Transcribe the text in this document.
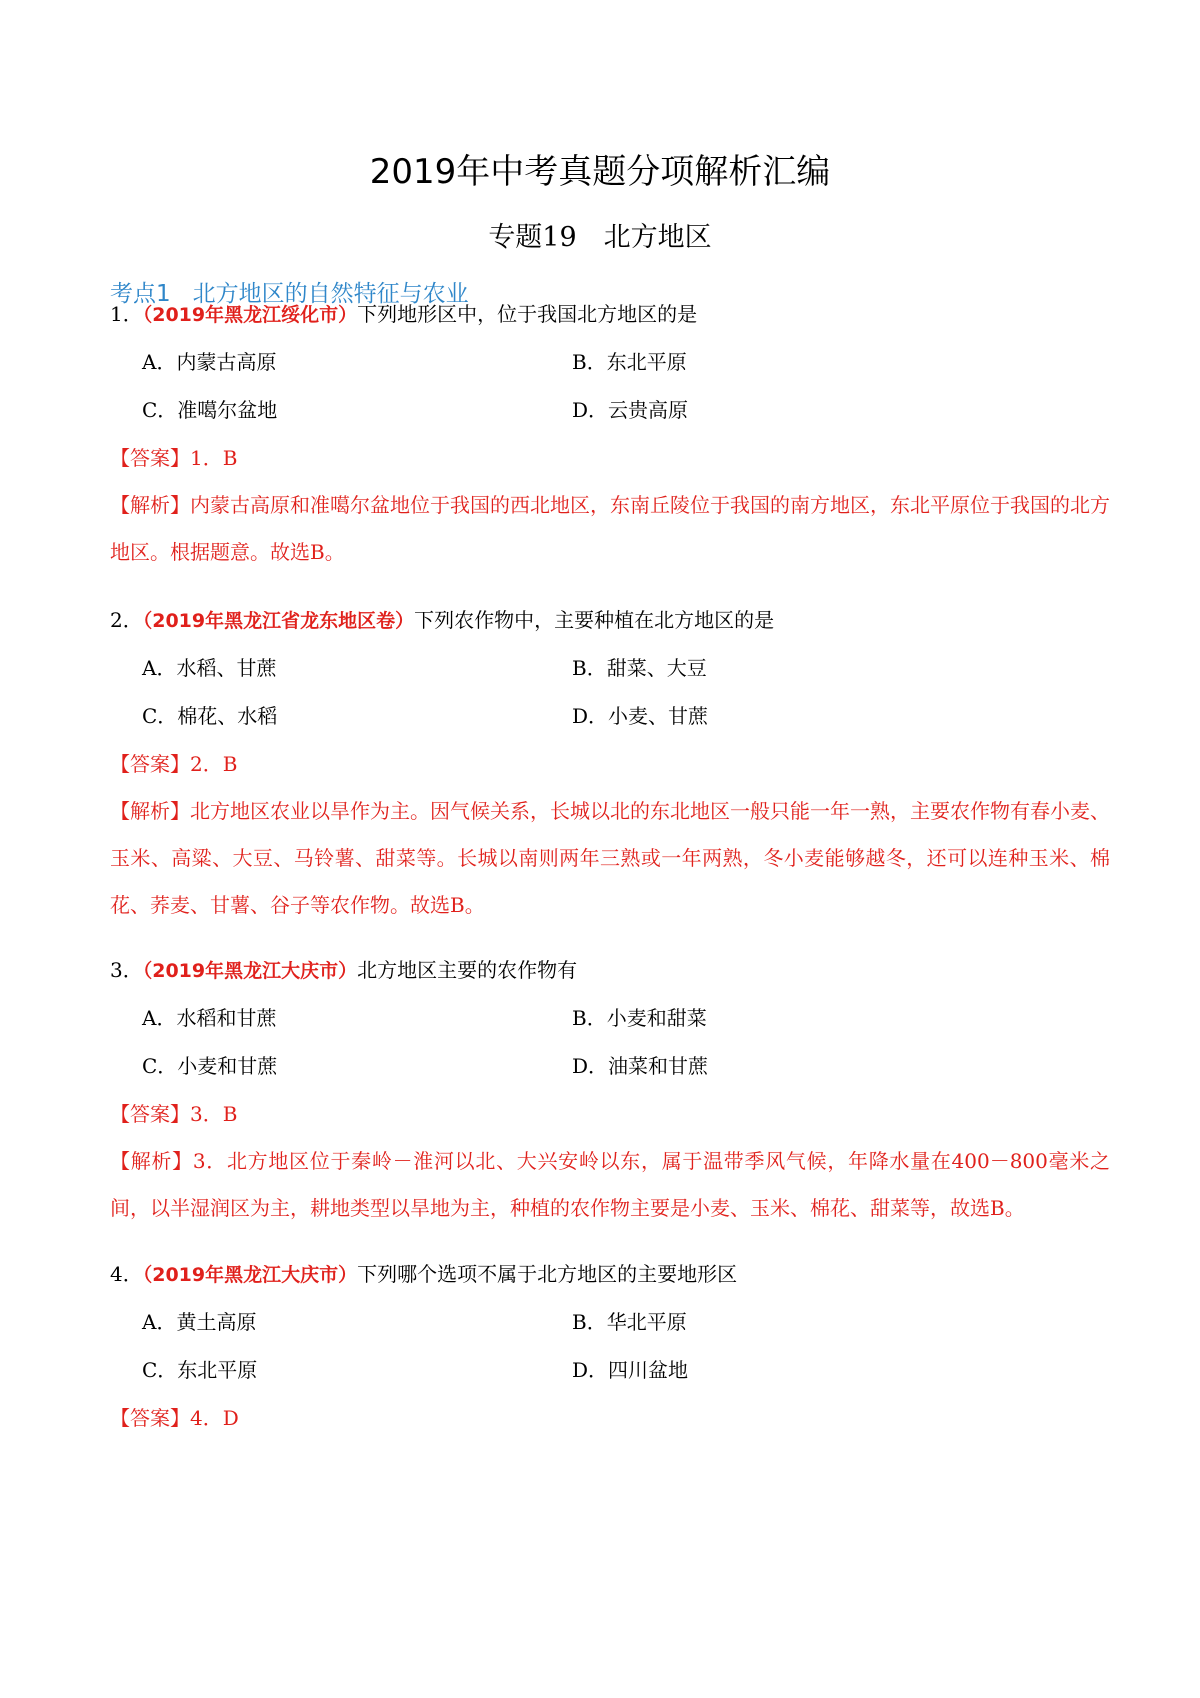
2019年中考真题分项解析汇编
专题19　北方地区
考点1 北方地区的自然特征与农业
1．（2019年黑龙江绥化市）下列地形区中，位于我国北方地区的是
A．内蒙古高原	B．东北平原
C．准噶尔盆地	D．云贵高原
【答案】1．B
【解析】内蒙古高原和准噶尔盆地位于我国的西北地区，东南丘陵位于我国的南方地区，东北平原位于我国的北方地区。根据题意。故选B。
2．（2019年黑龙江省龙东地区卷）下列农作物中，主要种植在北方地区的是
A．水稻、甘蔗	B．甜菜、大豆
C．棉花、水稻	D．小麦、甘蔗
【答案】2．B
【解析】北方地区农业以旱作为主。因气候关系，长城以北的东北地区一般只能一年一熟，主要农作物有春小麦、玉米、高粱、大豆、马铃薯、甜菜等。长城以南则两年三熟或一年两熟，冬小麦能够越冬，还可以连种玉米、棉花、荞麦、甘薯、谷子等农作物。故选B。
3．（2019年黑龙江大庆市）北方地区主要的农作物有
A．水稻和甘蔗	B．小麦和甜菜
C．小麦和甘蔗	D．油菜和甘蔗
【答案】3．B
【解析】3．北方地区位于秦岭－淮河以北、大兴安岭以东，属于温带季风气候，年降水量在400－800毫米之间，以半湿润区为主，耕地类型以旱地为主，种植的农作物主要是小麦、玉米、棉花、甜菜等，故选B。
4．（2019年黑龙江大庆市）下列哪个选项不属于北方地区的主要地形区
A．黄土高原	B．华北平原
C．东北平原	D．四川盆地
【答案】4．D
